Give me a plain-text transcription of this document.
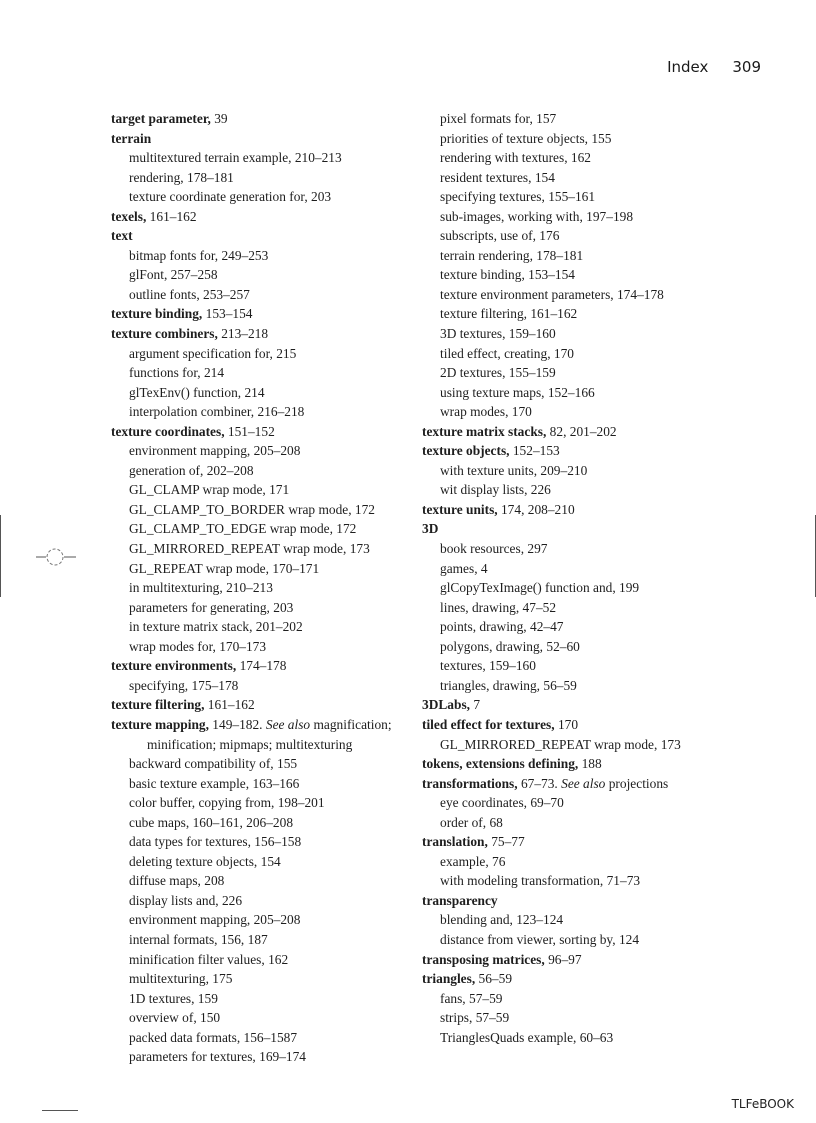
Index 309
target parameter, 39
terrain
multitextured terrain example, 210–213
rendering, 178–181
texture coordinate generation for, 203
texels, 161–162
text
bitmap fonts for, 249–253
glFont, 257–258
outline fonts, 253–257
texture binding, 153–154
texture combiners, 213–218
argument specification for, 215
functions for, 214
glTexEnv() function, 214
interpolation combiner, 216–218
texture coordinates, 151–152
environment mapping, 205–208
generation of, 202–208
GL_CLAMP wrap mode, 171
GL_CLAMP_TO_BORDER wrap mode, 172
GL_CLAMP_TO_EDGE wrap mode, 172
GL_MIRRORED_REPEAT wrap mode, 173
GL_REPEAT wrap mode, 170–171
in multitexturing, 210–213
parameters for generating, 203
in texture matrix stack, 201–202
wrap modes for, 170–173
texture environments, 174–178
specifying, 175–178
texture filtering, 161–162
texture mapping, 149–182. See also magnification;
minification; mipmaps; multitexturing
backward compatibility of, 155
basic texture example, 163–166
color buffer, copying from, 198–201
cube maps, 160–161, 206–208
data types for textures, 156–158
deleting texture objects, 154
diffuse maps, 208
display lists and, 226
environment mapping, 205–208
internal formats, 156, 187
minification filter values, 162
multitexturing, 175
1D textures, 159
overview of, 150
packed data formats, 156–1587
parameters for textures, 169–174
pixel formats for, 157
priorities of texture objects, 155
rendering with textures, 162
resident textures, 154
specifying textures, 155–161
sub-images, working with, 197–198
subscripts, use of, 176
terrain rendering, 178–181
texture binding, 153–154
texture environment parameters, 174–178
texture filtering, 161–162
3D textures, 159–160
tiled effect, creating, 170
2D textures, 155–159
using texture maps, 152–166
wrap modes, 170
texture matrix stacks, 82, 201–202
texture objects, 152–153
with texture units, 209–210
wit display lists, 226
texture units, 174, 208–210
3D
book resources, 297
games, 4
glCopyTexImage() function and, 199
lines, drawing, 47–52
points, drawing, 42–47
polygons, drawing, 52–60
textures, 159–160
triangles, drawing, 56–59
3DLabs, 7
tiled effect for textures, 170
GL_MIRRORED_REPEAT wrap mode, 173
tokens, extensions defining, 188
transformations, 67–73. See also projections
eye coordinates, 69–70
order of, 68
translation, 75–77
example, 76
with modeling transformation, 71–73
transparency
blending and, 123–124
distance from viewer, sorting by, 124
transposing matrices, 96–97
triangles, 56–59
fans, 57–59
strips, 57–59
TrianglesQuads example, 60–63
TLFeBOOK
